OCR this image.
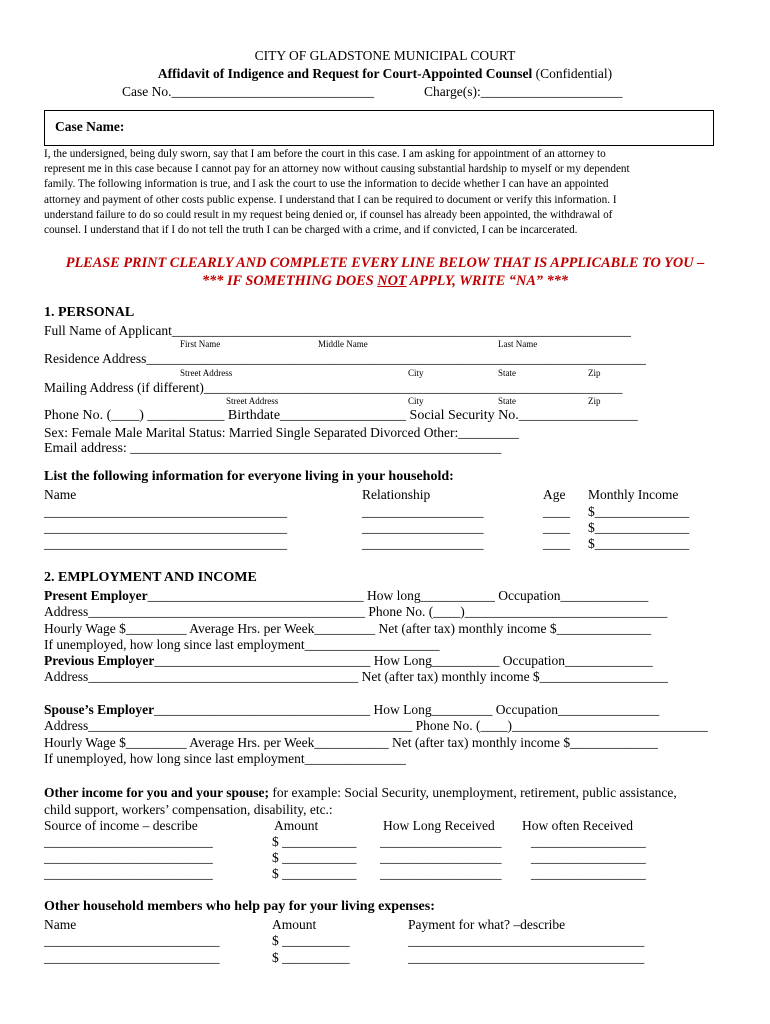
CITY OF GLADSTONE MUNICIPAL COURT
Affidavit of Indigence and Request for Court-Appointed Counsel (Confidential)
Case No.______________________________	Charge(s):_____________________
Case Name:
I, the undersigned, being duly sworn, say that I am before the court in this case. I am asking for appointment of an attorney to
represent me in this case because I cannot pay for an attorney now without causing substantial hardship to myself or my dependent
family. The following information is true, and I ask the court to use the information to decide whether I can have an appointed
attorney and payment of other costs public expense. I understand that I can be required to document or verify this information. I
understand failure to do so could result in my request being denied or, if counsel has already been appointed, the withdrawal of
counsel. I understand that if I do not tell the truth I can be charged with a crime, and if convicted, I can be incarcerated.
PLEASE PRINT CLEARLY AND COMPLETE EVERY LINE BELOW THAT IS APPLICABLE TO YOU –
*** IF SOMETHING DOES NOT APPLY, WRITE “NA” ***
1. PERSONAL
Full Name of Applicant____________________________________________________________________
First Name	Middle Name	Last Name
Residence Address__________________________________________________________________________
Street Address	City	State	Zip
Mailing Address (if different)______________________________________________________________
Street Address	City	State	Zip
Phone No. (____) ___________ Birthdate__________________ Social Security No._________________
Sex: Female Male Marital Status: Married Single Separated Divorced Other:_________
Email address: _____________________________________________________
List the following information for everyone living in your household:
Name	Relationship	Age Monthly Income
____________________________________	__________________	____ $______________
____________________________________	__________________	____ $______________
____________________________________	__________________	____ $______________
2. EMPLOYMENT AND INCOME
Present Employer________________________________ How long___________ Occupation_____________
Address_________________________________________ Phone No. (____)______________________________
Hourly Wage $_________ Average Hrs. per Week_________ Net (after tax) monthly income $______________
If unemployed, how long since last employment____________________
Previous Employer________________________________ How Long__________ Occupation_____________
Address________________________________________ Net (after tax) monthly income $___________________
Spouse’s Employer________________________________ How Long_________ Occupation_______________
Address________________________________________________ Phone No. (____)_____________________________
Hourly Wage $_________ Average Hrs. per Week___________ Net (after tax) monthly income $_____________
If unemployed, how long since last employment_______________
Other income for you and your spouse; for example: Social Security, unemployment, retirement, public assistance,
child support, workers’ compensation, disability, etc.:
Source of income – describe	Amount	How Long Received How often Received
_________________________	$ ___________ __________________ _________________
_________________________	$ ___________ __________________ _________________
_________________________	$ ___________ __________________ _________________
Other household members who help pay for your living expenses:
Name	Amount	Payment for what? –describe
__________________________	$ __________	___________________________________
__________________________	$ __________	___________________________________
